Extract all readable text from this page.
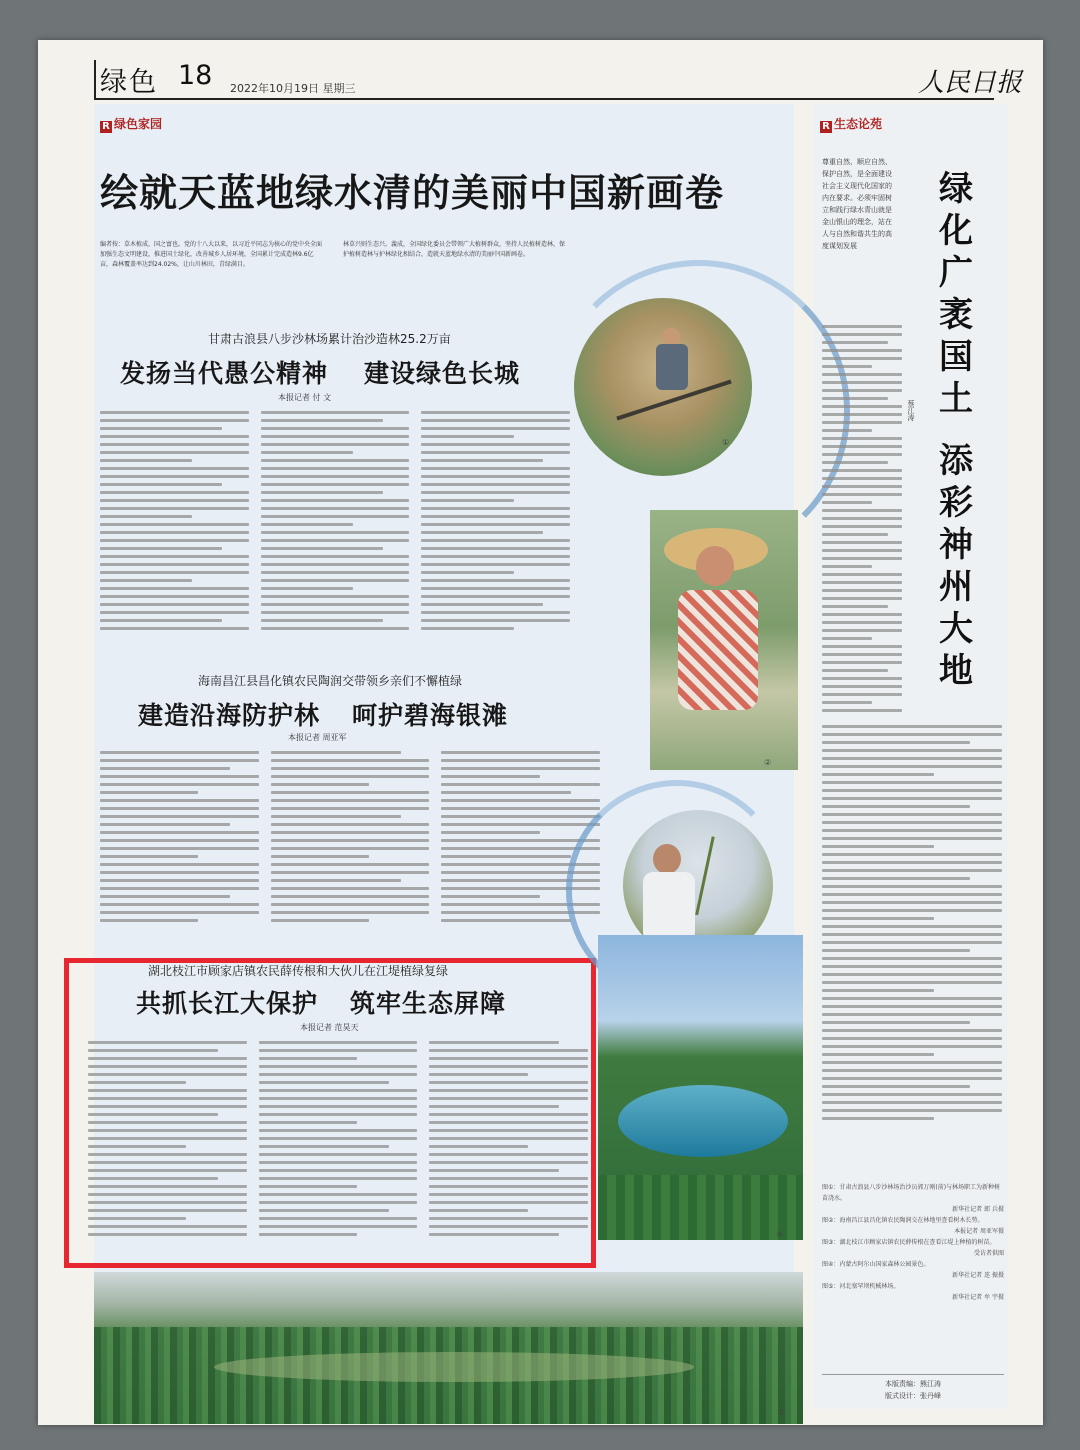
绿色 18 2022年10月19日 星期三	人民日报
R 绿色家园	R 生态论苑
绘就天蓝地绿水清的美丽中国新画卷
编者按：草木植成，国之富也。党的十八大以来，以习近平同志为核心的党中央全面加强生态文明建设，推进国土绿化，改善城乡人居环境，全国累计完成造林9.6亿亩，森林覆盖率达到24.02%，让山川林田，青绿满目。
林草兴则生态兴。義成，全国绿化委员会带领广大植树群众，坚持人民植树造林，保护植树造林与护林绿化相结合，造就天蓝地绿水清的美丽中国新画卷。
甘肃古浪县八步沙林场累计治沙造林25.2万亩
发扬当代愚公精神 建设绿色长城
本报记者 付 文
海南昌江县昌化镇农民陶润交带领乡亲们不懈植绿
建造沿海防护林 呵护碧海银滩
本报记者 周亚军
湖北枝江市顾家店镇农民薛传根和大伙儿在江堤植绿复绿
共抓长江大保护 筑牢生态屏障
本报记者 范昊天
①
②
④
⑤
尊重自然、顺应自然、保护自然，是全面建设社会主义现代化国家的内在要求。必须牢固树立和践行绿水青山就是金山银山的理念，站在人与自然和谐共生的高度谋划发展
绿化广袤国土
添彩神州大地
蔡江涛
图①：甘肃古浪县八步沙林场治沙员郭万刚(前)与林场职工为新种树苗浇水。
新华社记者 郎 兵摄
图②：海南昌江县昌化镇农民陶润交在林地里查看树木长势。
本报记者 周亚军摄
图③：湖北枝江市顾家店镇农民薛传根在查看江堤上种植的树苗。
受访者供图
图④：内蒙古阿尔山国家森林公园景色。
新华社记者 连 振摄
图⑤：河北塞罕坝机械林场。
新华社记者 牟 宇摄
本版责编：熊江涛
版式设计：张丹峰
